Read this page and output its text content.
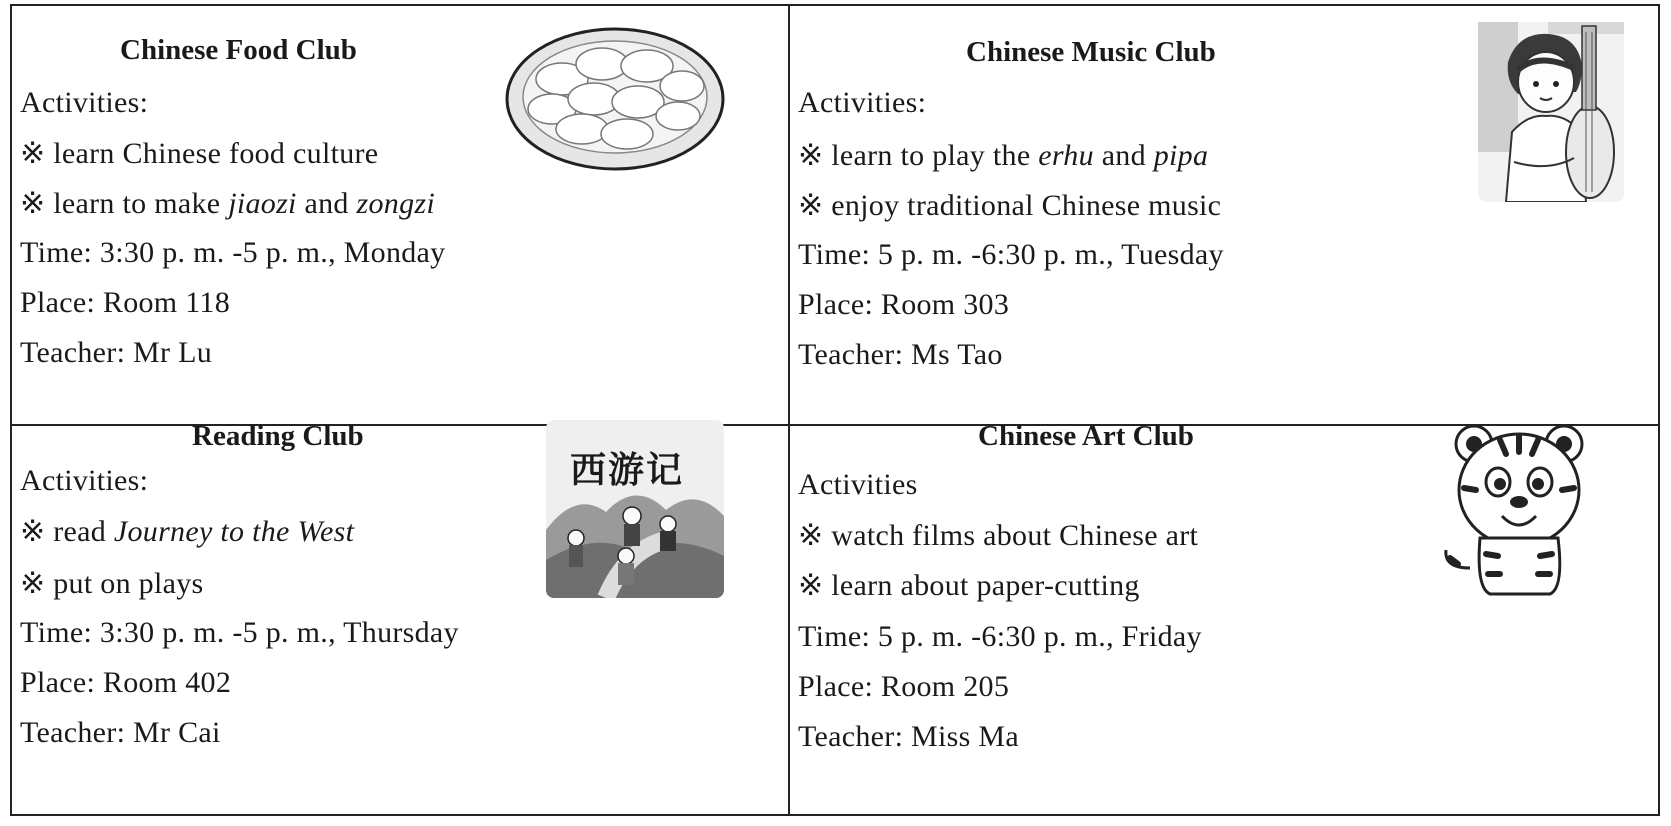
Chinese Food Club
Activities:
※ learn Chinese food culture
※ learn to make jiaozi and zongzi
Time: 3:30 p. m. -5 p. m., Monday
Place: Room 118
Teacher: Mr Lu
Chinese Music Club
Activities:
※ learn to play the erhu and pipa
※ enjoy traditional Chinese music
Time: 5 p. m. -6:30 p. m., Tuesday
Place: Room 303
Teacher: Ms Tao
Reading Club
Activities:
※ read Journey to the West
※ put on plays
Time: 3:30 p. m. -5 p. m., Thursday
Place: Room 402
Teacher: Mr Cai
西游记
Chinese Art Club
Activities
※ watch films about Chinese art
※ learn about paper-cutting
Time: 5 p. m. -6:30 p. m., Friday
Place: Room 205
Teacher: Miss Ma
